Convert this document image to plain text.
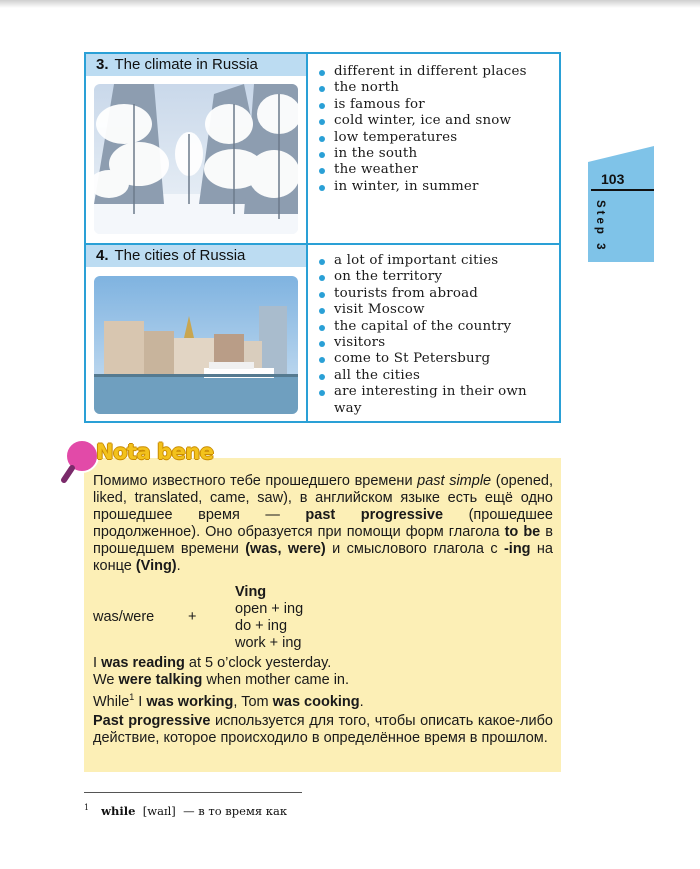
3. The climate in Russia	different in different places
the north
is famous for
cold winter, ice and snow
low temperatures
in the south
the weather
in winter, in summer
4. The cities of Russia	a lot of important cities
on the territory
tourists from abroad
visit Moscow
the capital of the country
visitors
come to St Petersburg
all the cities
are interesting in their own way
103
Step 3
Nota bene
Помимо известного тебе прошедшего времени past simple (opened, liked, translated, came, saw), в английском языке есть ещё одно прошедшее время — past progressive (прошедшее продолженное). Оно образуется при помощи форм глагола to be в прошедшем времени (was, were) и смыслового глагола с -ing на конце (Ving).
was/were +
Ving
open + ing
do + ing
work + ing
I was reading at 5 o’clock yesterday.
We were talking when mother came in.
While$^1$ I was working, Tom was cooking.
Past progressive используется для того, чтобы описать какое-либо действие, которое происходило в определённое время в прошлом.
$^1$ while [waɪl] — в то время как
